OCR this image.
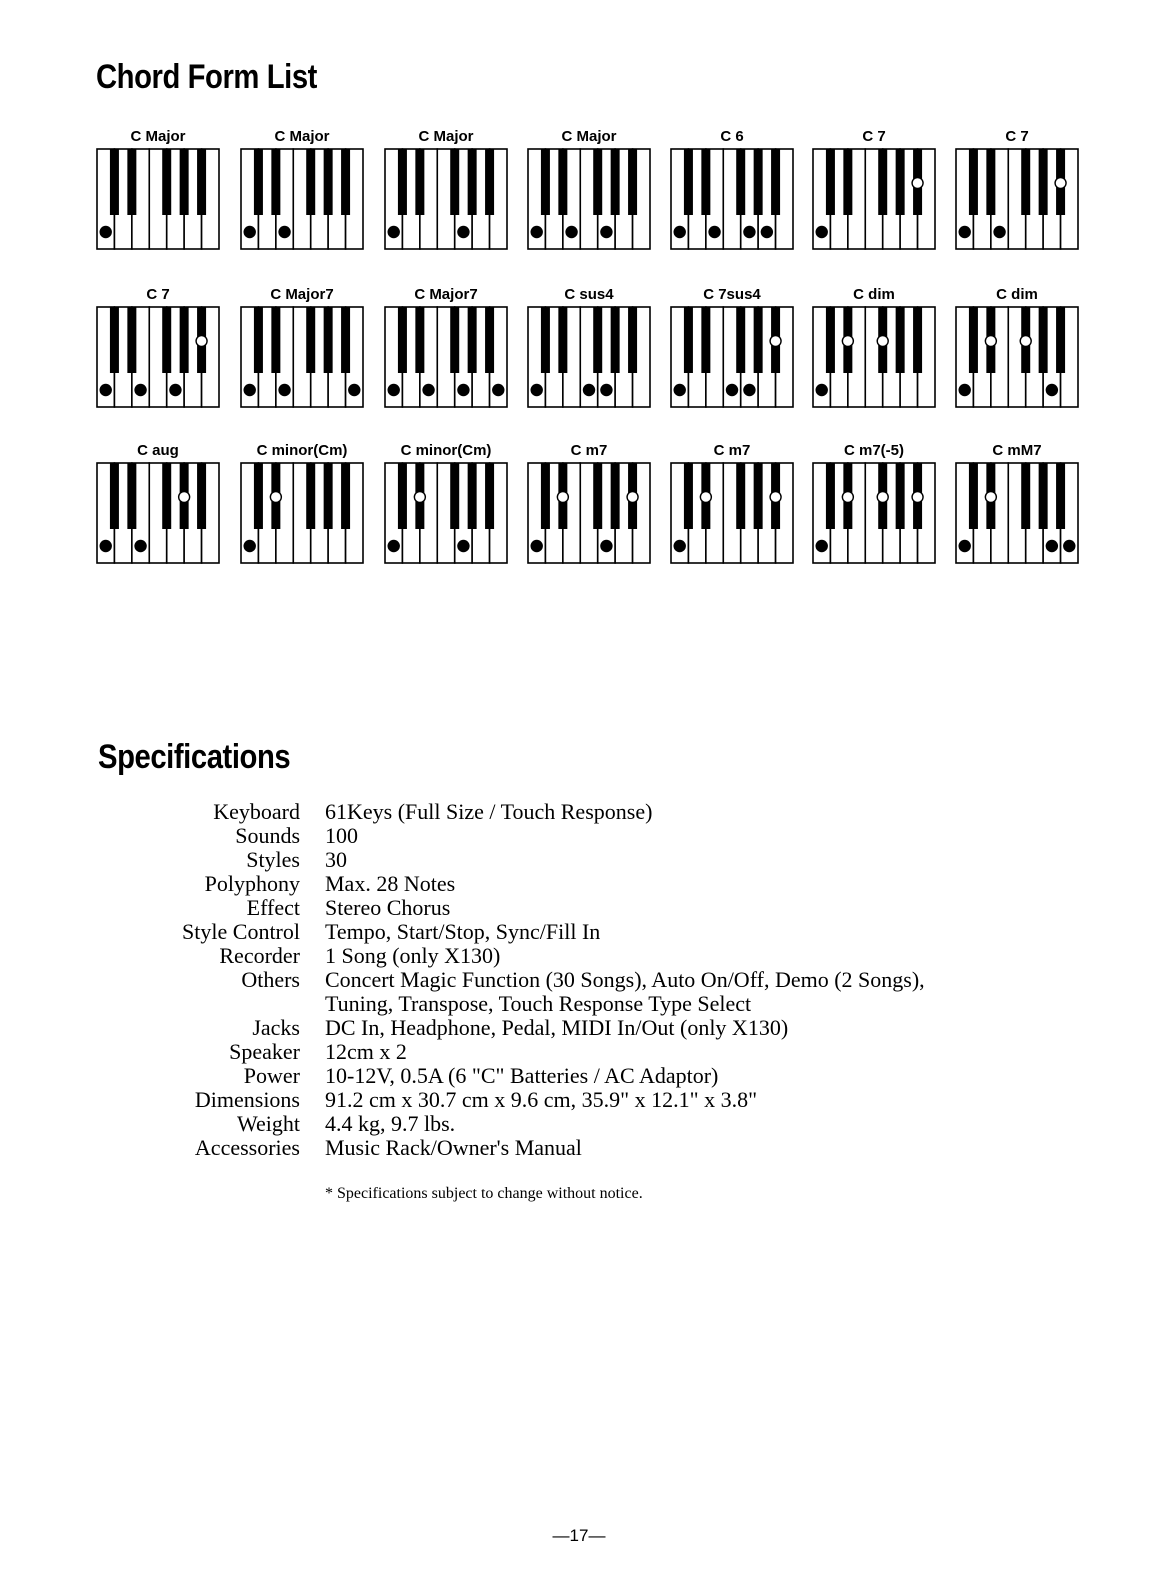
Chord Form List
C Major	C Major	C Major	C Major	C 6	C 7	C 7
C 7	C Major7	C Major7	C sus4	C 7sus4	C dim	C dim
C aug	C minor(Cm)	C minor(Cm)	C m7	C m7	C m7(-5)	C mM7
Specifications
Keyboard 61Keys (Full Size / Touch Response)
Sounds 100
Styles 30
Polyphony Max. 28 Notes
Effect Stereo Chorus
Style Control Tempo, Start/Stop, Sync/Fill In
Recorder 1 Song (only X130)
Others Concert Magic Function (30 Songs), Auto On/Off, Demo (2 Songs),
Tuning, Transpose, Touch Response Type Select
Jacks DC In, Headphone, Pedal, MIDI In/Out (only X130)
Speaker 12cm x 2
Power 10-12V, 0.5A (6 "C" Batteries / AC Adaptor)
Dimensions 91.2 cm x 30.7 cm x 9.6 cm, 35.9" x 12.1" x 3.8"
Weight 4.4 kg, 9.7 lbs.
Accessories Music Rack/Owner's Manual
* Specifications subject to change without notice.
—17—
